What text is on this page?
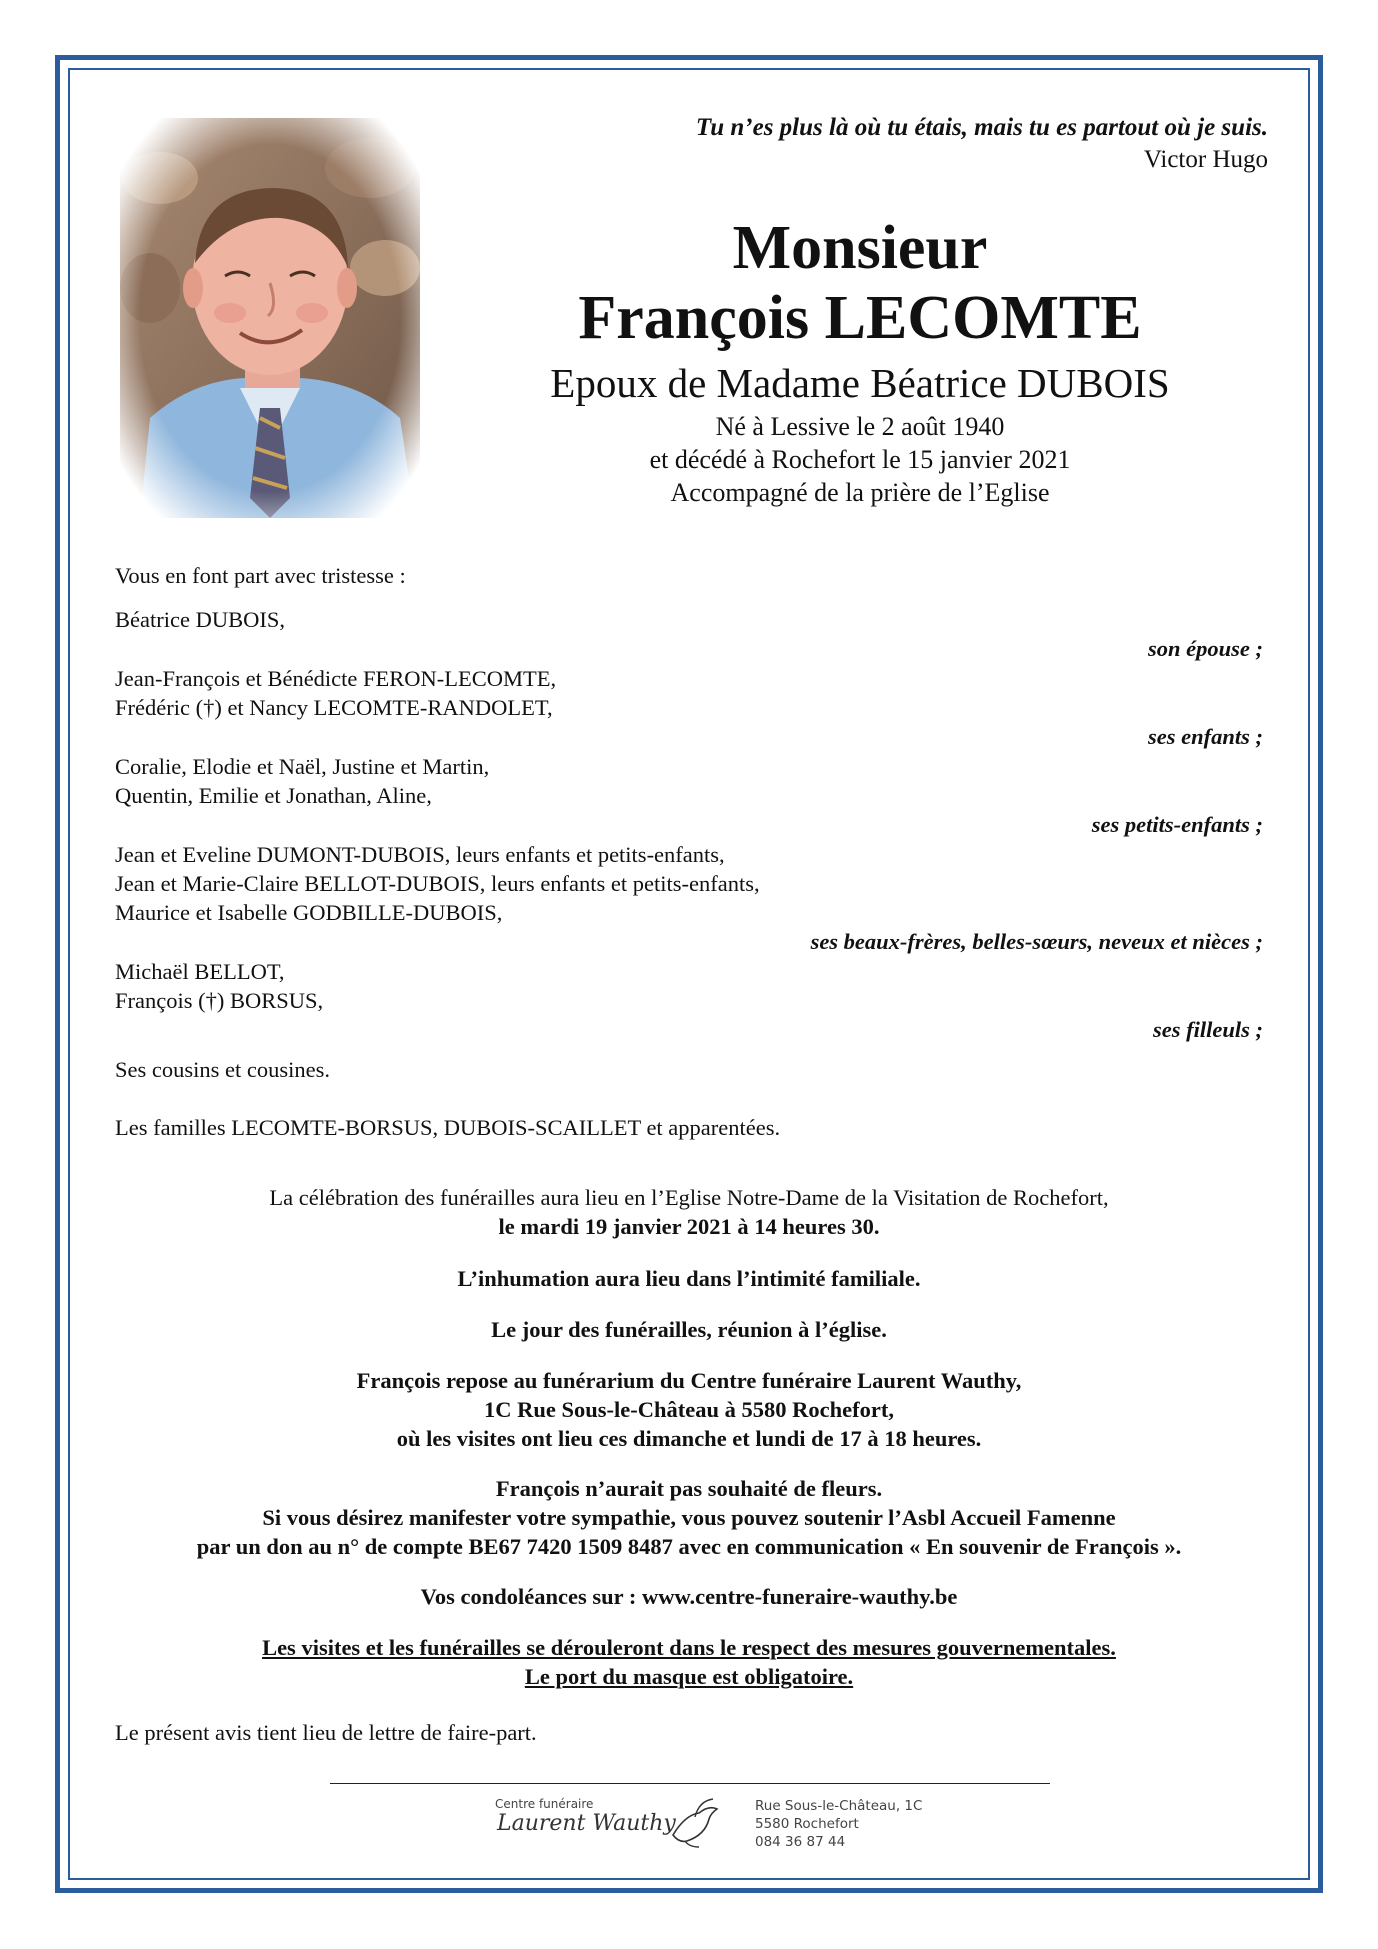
Tu n’es plus là où tu étais, mais tu es partout où je suis.
Victor Hugo
Monsieur
François LECOMTE
Epoux de Madame Béatrice DUBOIS
Né à Lessive le 2 août 1940
et décédé à Rochefort le 15 janvier 2021
Accompagné de la prière de l’Eglise
Vous en font part avec tristesse :
Béatrice DUBOIS,
son épouse ;
Jean-François et Bénédicte FERON-LECOMTE,
Frédéric (†) et Nancy LECOMTE-RANDOLET,
ses enfants ;
Coralie, Elodie et Naël, Justine et Martin,
Quentin, Emilie et Jonathan, Aline,
ses petits-enfants ;
Jean et Eveline DUMONT-DUBOIS, leurs enfants et petits-enfants,
Jean et Marie-Claire BELLOT-DUBOIS, leurs enfants et petits-enfants,
Maurice et Isabelle GODBILLE-DUBOIS,
ses beaux-frères, belles-sœurs, neveux et nièces ;
Michaël BELLOT,
François (†) BORSUS,
ses filleuls ;
Ses cousins et cousines.
Les familles LECOMTE-BORSUS, DUBOIS-SCAILLET et apparentées.

La célébration des funérailles aura lieu en l’Eglise Notre-Dame de la Visitation de Rochefort,

le mardi 19 janvier 2021 à 14 heures 30.

L’inhumation aura lieu dans l’intimité familiale.

Le jour des funérailles, réunion à l’église.

François repose au funérarium du Centre funéraire Laurent Wauthy,

1C Rue Sous-le-Château à 5580 Rochefort,

où les visites ont lieu ces dimanche et lundi de 17 à 18 heures.

François n’aurait pas souhaité de fleurs.

Si vous désirez manifester votre sympathie, vous pouvez soutenir l’Asbl Accueil Famenne

par un don au n° de compte BE67 7420 1509 8487 avec en communication « En souvenir de François ».

Vos condoléances sur : www.centre-funeraire-wauthy.be

Les visites et les funérailles se dérouleront dans le respect des mesures gouvernementales.

Le port du masque est obligatoire.

Le présent avis tient lieu de lettre de faire-part.
Centre funéraire
Laurent Wauthy
Rue Sous-le-Château, 1C
5580 Rochefort
084 36 87 44
